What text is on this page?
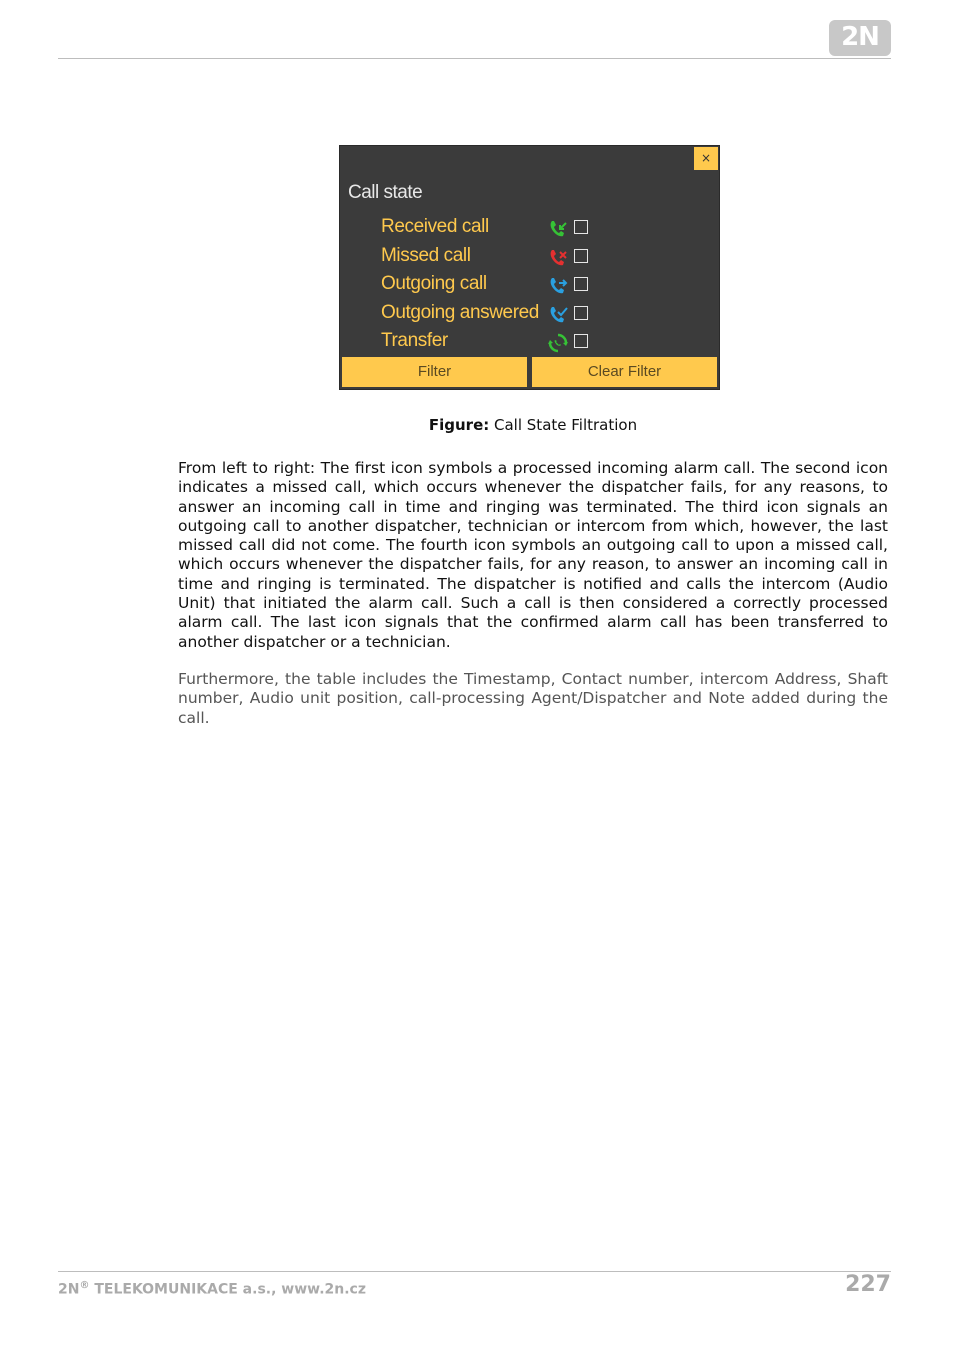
2N
×
Call state
Received call
Missed call
Outgoing call
Outgoing answered
Transfer
Filter	Clear Filter
Figure: Call State Filtration
From left to right: The first icon symbols a processed incoming alarm call. The second icon indicates a missed call, which occurs whenever the dispatcher fails, for any reasons, to answer an incoming call in time and ringing was terminated. The third icon signals an outgoing call to another dispatcher, technician or intercom from which, however, the last missed call did not come. The fourth icon symbols an outgoing call to upon a missed call, which occurs whenever the dispatcher fails, for any reason, to answer an incoming call in time and ringing is terminated. The dispatcher is notified and calls the intercom (Audio Unit) that initiated the alarm call. Such a call is then considered a correctly processed alarm call. The last icon signals that the confirmed alarm call has been transferred to another dispatcher or a technician.
Furthermore, the table includes the Timestamp, Contact number, intercom Address, Shaft number, Audio unit position, call-processing Agent/Dispatcher and Note added during the call.
2N® TELEKOMUNIKACE a.s., www.2n.cz	227
